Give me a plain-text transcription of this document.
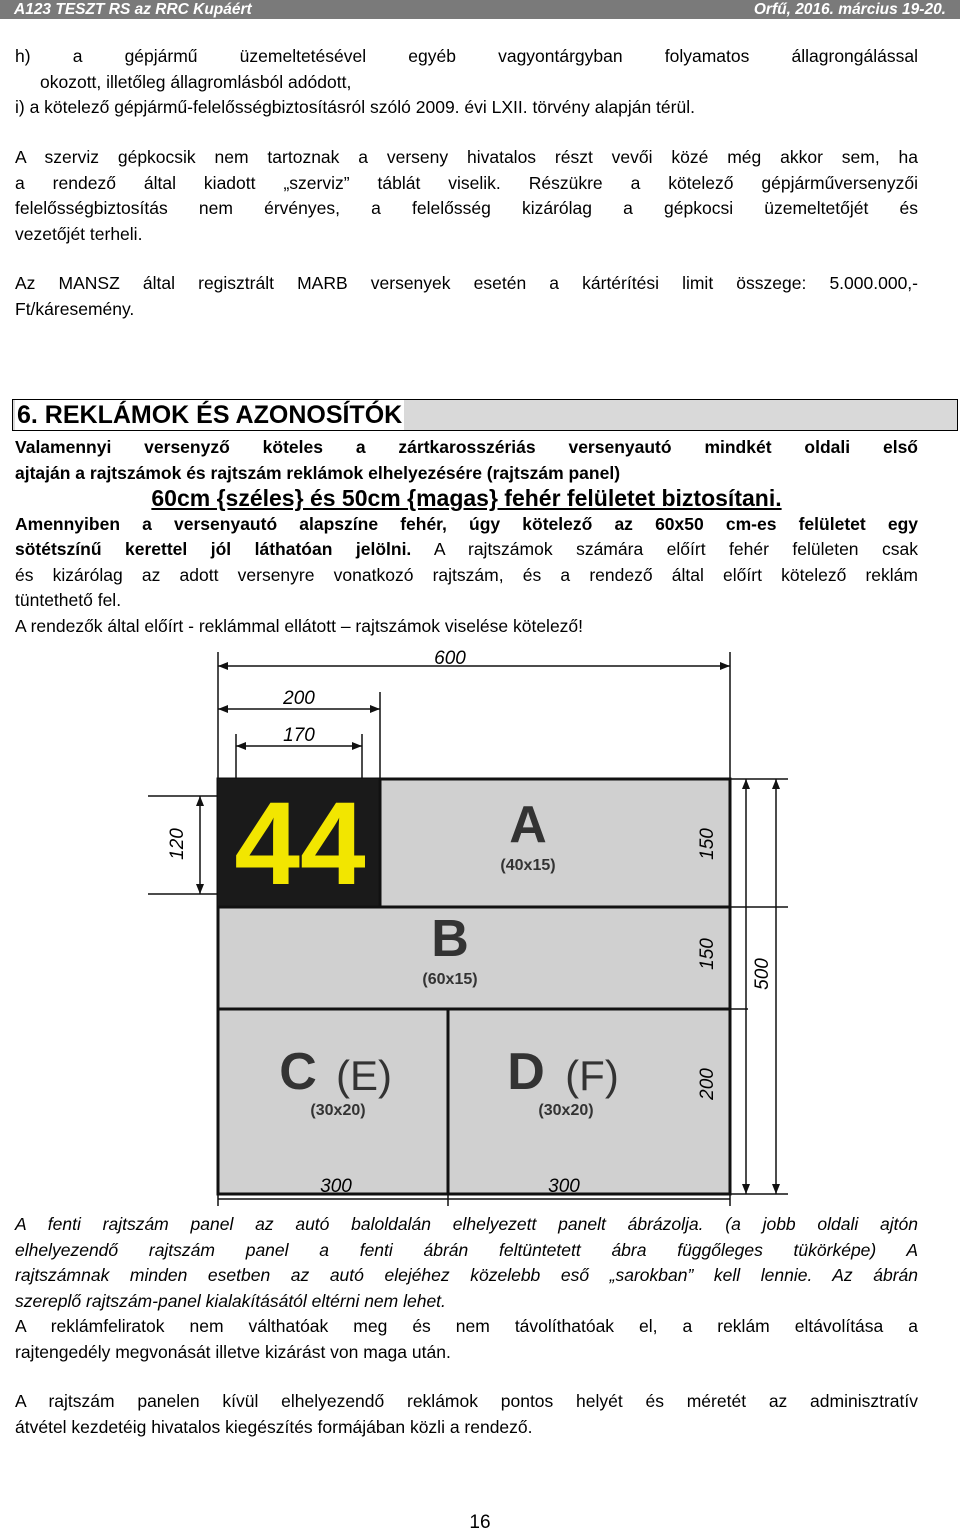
A123 TESZT RS az RRC Kupáért	Orfű, 2016. március 19-20.
h) a gépjármű üzemeltetésével egyéb vagyontárgyban folyamatos állagrongálással
okozott, illetőleg állagromlásból adódott,
i) a kötelező gépjármű-felelősségbiztosításról szóló 2009. évi LXII. törvény alapján térül.
A szerviz gépkocsik nem tartoznak a verseny hivatalos részt vevői közé még akkor sem, ha
a rendező által kiadott „szerviz” táblát viselik. Részükre a kötelező gépjárműversenyzői
felelősségbiztosítás nem érvényes, a felelősség kizárólag a gépkocsi üzemeltetőjét és
vezetőjét terheli.
Az MANSZ által regisztrált MARB versenyek esetén a kártérítési limit összege: 5.000.000,-
Ft/káresemény.
6. REKLÁMOK ÉS AZONOSÍTÓK
Valamennyi versenyző köteles a zártkarosszériás versenyautó mindkét oldali első
ajtaján a rajtszámok és rajtszám reklámok elhelyezésére (rajtszám panel)
60cm {széles} és 50cm {magas} fehér felületet biztosítani.
Amennyiben a versenyautó alapszíne fehér, úgy kötelező az 60x50 cm-es felületet egy
sötétszínű kerettel jól láthatóan jelölni. A rajtszámok számára előírt fehér felületen csak
és kizárólag az adott versenyre vonatkozó rajtszám, és a rendező által előírt kötelező reklám
tüntethető fel.
A rendezők által előírt - reklámmal ellátott – rajtszámok viselése kötelező!
44	A
(40x15)
B
(60x15)
C (E)
(30x20)
D (F)
(30x20)
600
200
170
120	150
150
200
500
300	300
A fenti rajtszám panel az autó baloldalán elhelyezett panelt ábrázolja. (a jobb oldali ajtón
elhelyezendő rajtszám panel a fenti ábrán feltüntetett ábra függőleges tükörképe) A
rajtszámnak minden esetben az autó elejéhez közelebb eső „sarokban” kell lennie. Az ábrán
szereplő rajtszám-panel kialakításától eltérni nem lehet.
A reklámfeliratok nem válthatóak meg és nem távolíthatóak el, a reklám eltávolítása a
rajtengedély megvonását illetve kizárást von maga után.
A rajtszám panelen kívül elhelyezendő reklámok pontos helyét és méretét az adminisztratív
átvétel kezdetéig hivatalos kiegészítés formájában közli a rendező.
16
